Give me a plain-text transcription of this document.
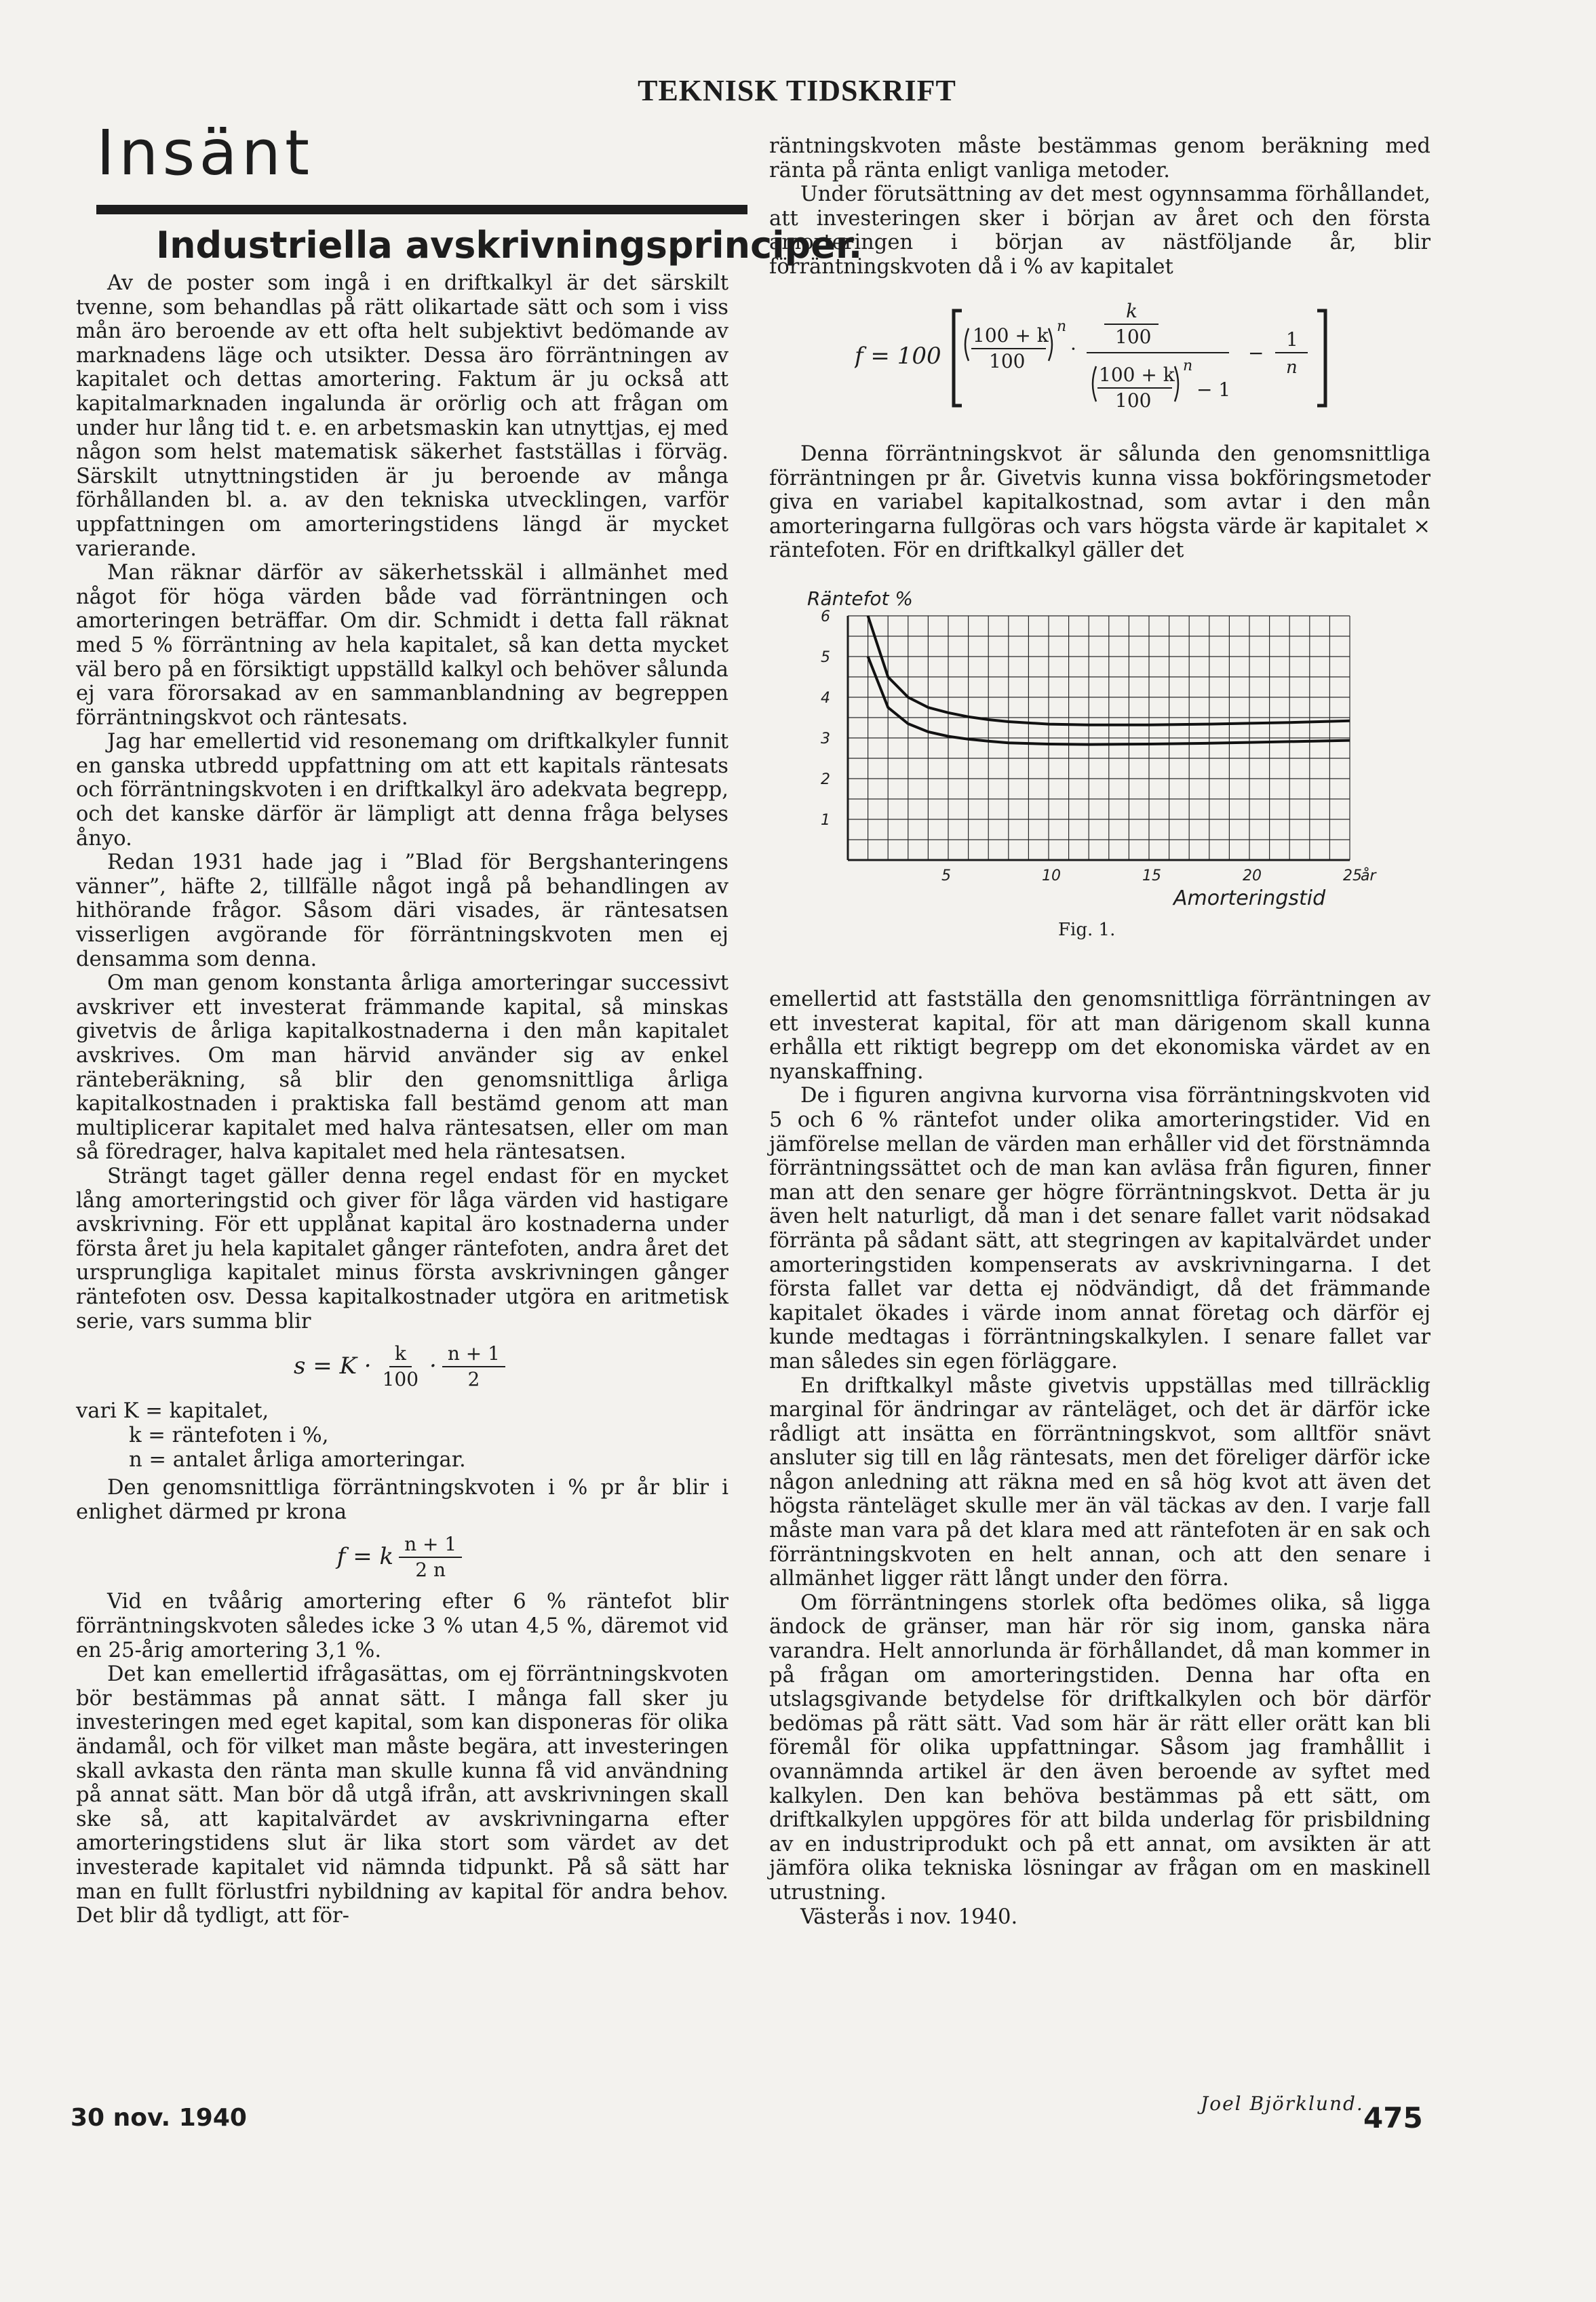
TEKNISK TIDSKRIFT
Insänt
Industriella avskrivningsprinciper.

Av de poster som ingå i en driftkalkyl är det särskilt tvenne, som behandlas på rätt olikartade sätt och som i viss mån äro beroende av ett ofta helt subjektivt bedömande av marknadens läge och utsikter. Dessa äro förräntningen av kapitalet och dettas amortering. Faktum är ju också att kapitalmarknaden ingalunda är orörlig och att frågan om under hur lång tid t. e. en arbetsmaskin kan utnyttjas, ej med någon som helst matematisk säkerhet fastställas i förväg. Särskilt utnyttningstiden är ju beroende av många förhållanden bl. a. av den tekniska utvecklingen, varför uppfattningen om amorteringstidens längd är mycket varierande.

Man räknar därför av säkerhetsskäl i allmänhet med något för höga värden både vad förräntningen och amorteringen beträffar. Om dir. Schmidt i detta fall räknat med 5 % förräntning av hela kapitalet, så kan detta mycket väl bero på en försiktigt uppställd kalkyl och behöver sålunda ej vara förorsakad av en sammanblandning av begreppen förräntningskvot och räntesats.

Jag har emellertid vid resonemang om driftkalkyler funnit en ganska utbredd uppfattning om att ett kapitals räntesats och förräntningskvoten i en driftkalkyl äro adekvata begrepp, och det kanske därför är lämpligt att denna fråga belyses ånyo.

Redan 1931 hade jag i ”Blad för Bergshanteringens vänner”, häfte 2, tillfälle något ingå på behandlingen av hithörande frågor. Såsom däri visades, är räntesatsen visserligen avgörande för förräntningskvoten men ej densamma som denna.

Om man genom konstanta årliga amorteringar successivt avskriver ett investerat främmande kapital, så minskas givetvis de årliga kapitalkostnaderna i den mån kapitalet avskrives. Om man härvid använder sig av enkel ränteberäkning, så blir den genomsnittliga årliga kapitalkostnaden i praktiska fall bestämd genom att man multiplicerar kapitalet med halva räntesatsen, eller om man så föredrager, halva kapitalet med hela räntesatsen.

Strängt taget gäller denna regel endast för en mycket lång amorteringstid och giver för låga värden vid hastigare avskrivning. För ett upplånat kapital äro kostnaderna under första året ju hela kapitalet gånger räntefoten, andra året det ursprungliga kapitalet minus första avskrivningen gånger räntefoten osv. Dessa kapitalkostnader utgöra en aritmetisk serie, vars summa blir

$s = K \cdot \frac{k}{100} \cdot \frac{n + 1}{2}$
vari K = kapitalet,
k = räntefoten i %,
n = antalet årliga amorteringar.

Den genomsnittliga förräntningskvoten i % pr år blir i enlighet därmed pr krona

f = k $\frac{n + 1}{2 n}$

Vid en tvåårig amortering efter 6 % räntefot blir förräntningskvoten således icke 3 % utan 4,5 %, däremot vid en 25-årig amortering 3,1 %.

Det kan emellertid ifrågasättas, om ej förräntningskvoten bör bestämmas på annat sätt. I många fall sker ju investeringen med eget kapital, som kan disponeras för olika ändamål, och för vilket man måste begära, att investeringen skall avkasta den ränta man skulle kunna få vid användning på annat sätt. Man bör då utgå ifrån, att avskrivningen skall ske så, att kapitalvärdet av avskrivningarna efter amorteringstidens slut är lika stort som värdet av det investerade kapitalet vid nämnda tidpunkt. På så sätt har man en fullt förlustfri nybildning av kapital för andra behov. Det blir då tydligt, att för-

räntningskvoten måste bestämmas genom beräkning med ränta på ränta enligt vanliga metoder.

Under förutsättning av det mest ogynnsamma förhållandet, att investeringen sker i början av året och den första amorteringen i början av nästföljande år, blir förräntningskvoten då i % av kapitalet

f = 100
100 + k
100
n
·
k
100
100 + k
100
n
− 1
−
1
n

Denna förräntningskvot är sålunda den genomsnittliga förräntningen pr år. Givetvis kunna vissa bokföringsmetoder giva en variabel kapitalkostnad, som avtar i den mån amorteringarna fullgöras och vars högsta värde är kapitalet × räntefoten. För en driftkalkyl gäller det

1
2
3
4
5
6
5	10	15	20	25
år
Räntefot %
Amorteringstid
Fig. 1.

emellertid att fastställa den genomsnittliga förräntningen av ett investerat kapital, för att man därigenom skall kunna erhålla ett riktigt begrepp om det ekonomiska värdet av en nyanskaffning.

De i figuren angivna kurvorna visa förräntningskvoten vid 5 och 6 % räntefot under olika amorteringstider. Vid en jämförelse mellan de värden man erhåller vid det förstnämnda förräntningssättet och de man kan avläsa från figuren, finner man att den senare ger högre förräntningskvot. Detta är ju även helt naturligt, då man i det senare fallet varit nödsakad förränta på sådant sätt, att stegringen av kapitalvärdet under amorteringstiden kompenserats av avskrivningarna. I det första fallet var detta ej nödvändigt, då det främmande kapitalet ökades i värde inom annat företag och därför ej kunde medtagas i förräntningskalkylen. I senare fallet var man således sin egen förläggare.

En driftkalkyl måste givetvis uppställas med tillräcklig marginal för ändringar av ränteläget, och det är därför icke rådligt att insätta en förräntningskvot, som alltför snävt ansluter sig till en låg räntesats, men det föreliger därför icke någon anledning att räkna med en så hög kvot att även det högsta ränteläget skulle mer än väl täckas av den. I varje fall måste man vara på det klara med att räntefoten är en sak och förräntningskvoten en helt annan, och att den senare i allmänhet ligger rätt långt under den förra.

Om förräntningens storlek ofta bedömes olika, så ligga ändock de gränser, man här rör sig inom, ganska nära varandra. Helt annorlunda är förhållandet, då man kommer in på frågan om amorteringstiden. Denna har ofta en utslagsgivande betydelse för driftkalkylen och bör därför bedömas på rätt sätt. Vad som här är rätt eller orätt kan bli föremål för olika uppfattningar. Såsom jag framhållit i ovannämnda artikel är den även beroende av syftet med kalkylen. Den kan behöva bestämmas på ett sätt, om driftkalkylen uppgöres för att bilda underlag för prisbildning av en industriprodukt och på ett annat, om avsikten är att jämföra olika tekniska lösningar av frågan om en maskinell utrustning.

Västerås i nov. 1940.

Joel Björklund.
30 nov. 1940	475
